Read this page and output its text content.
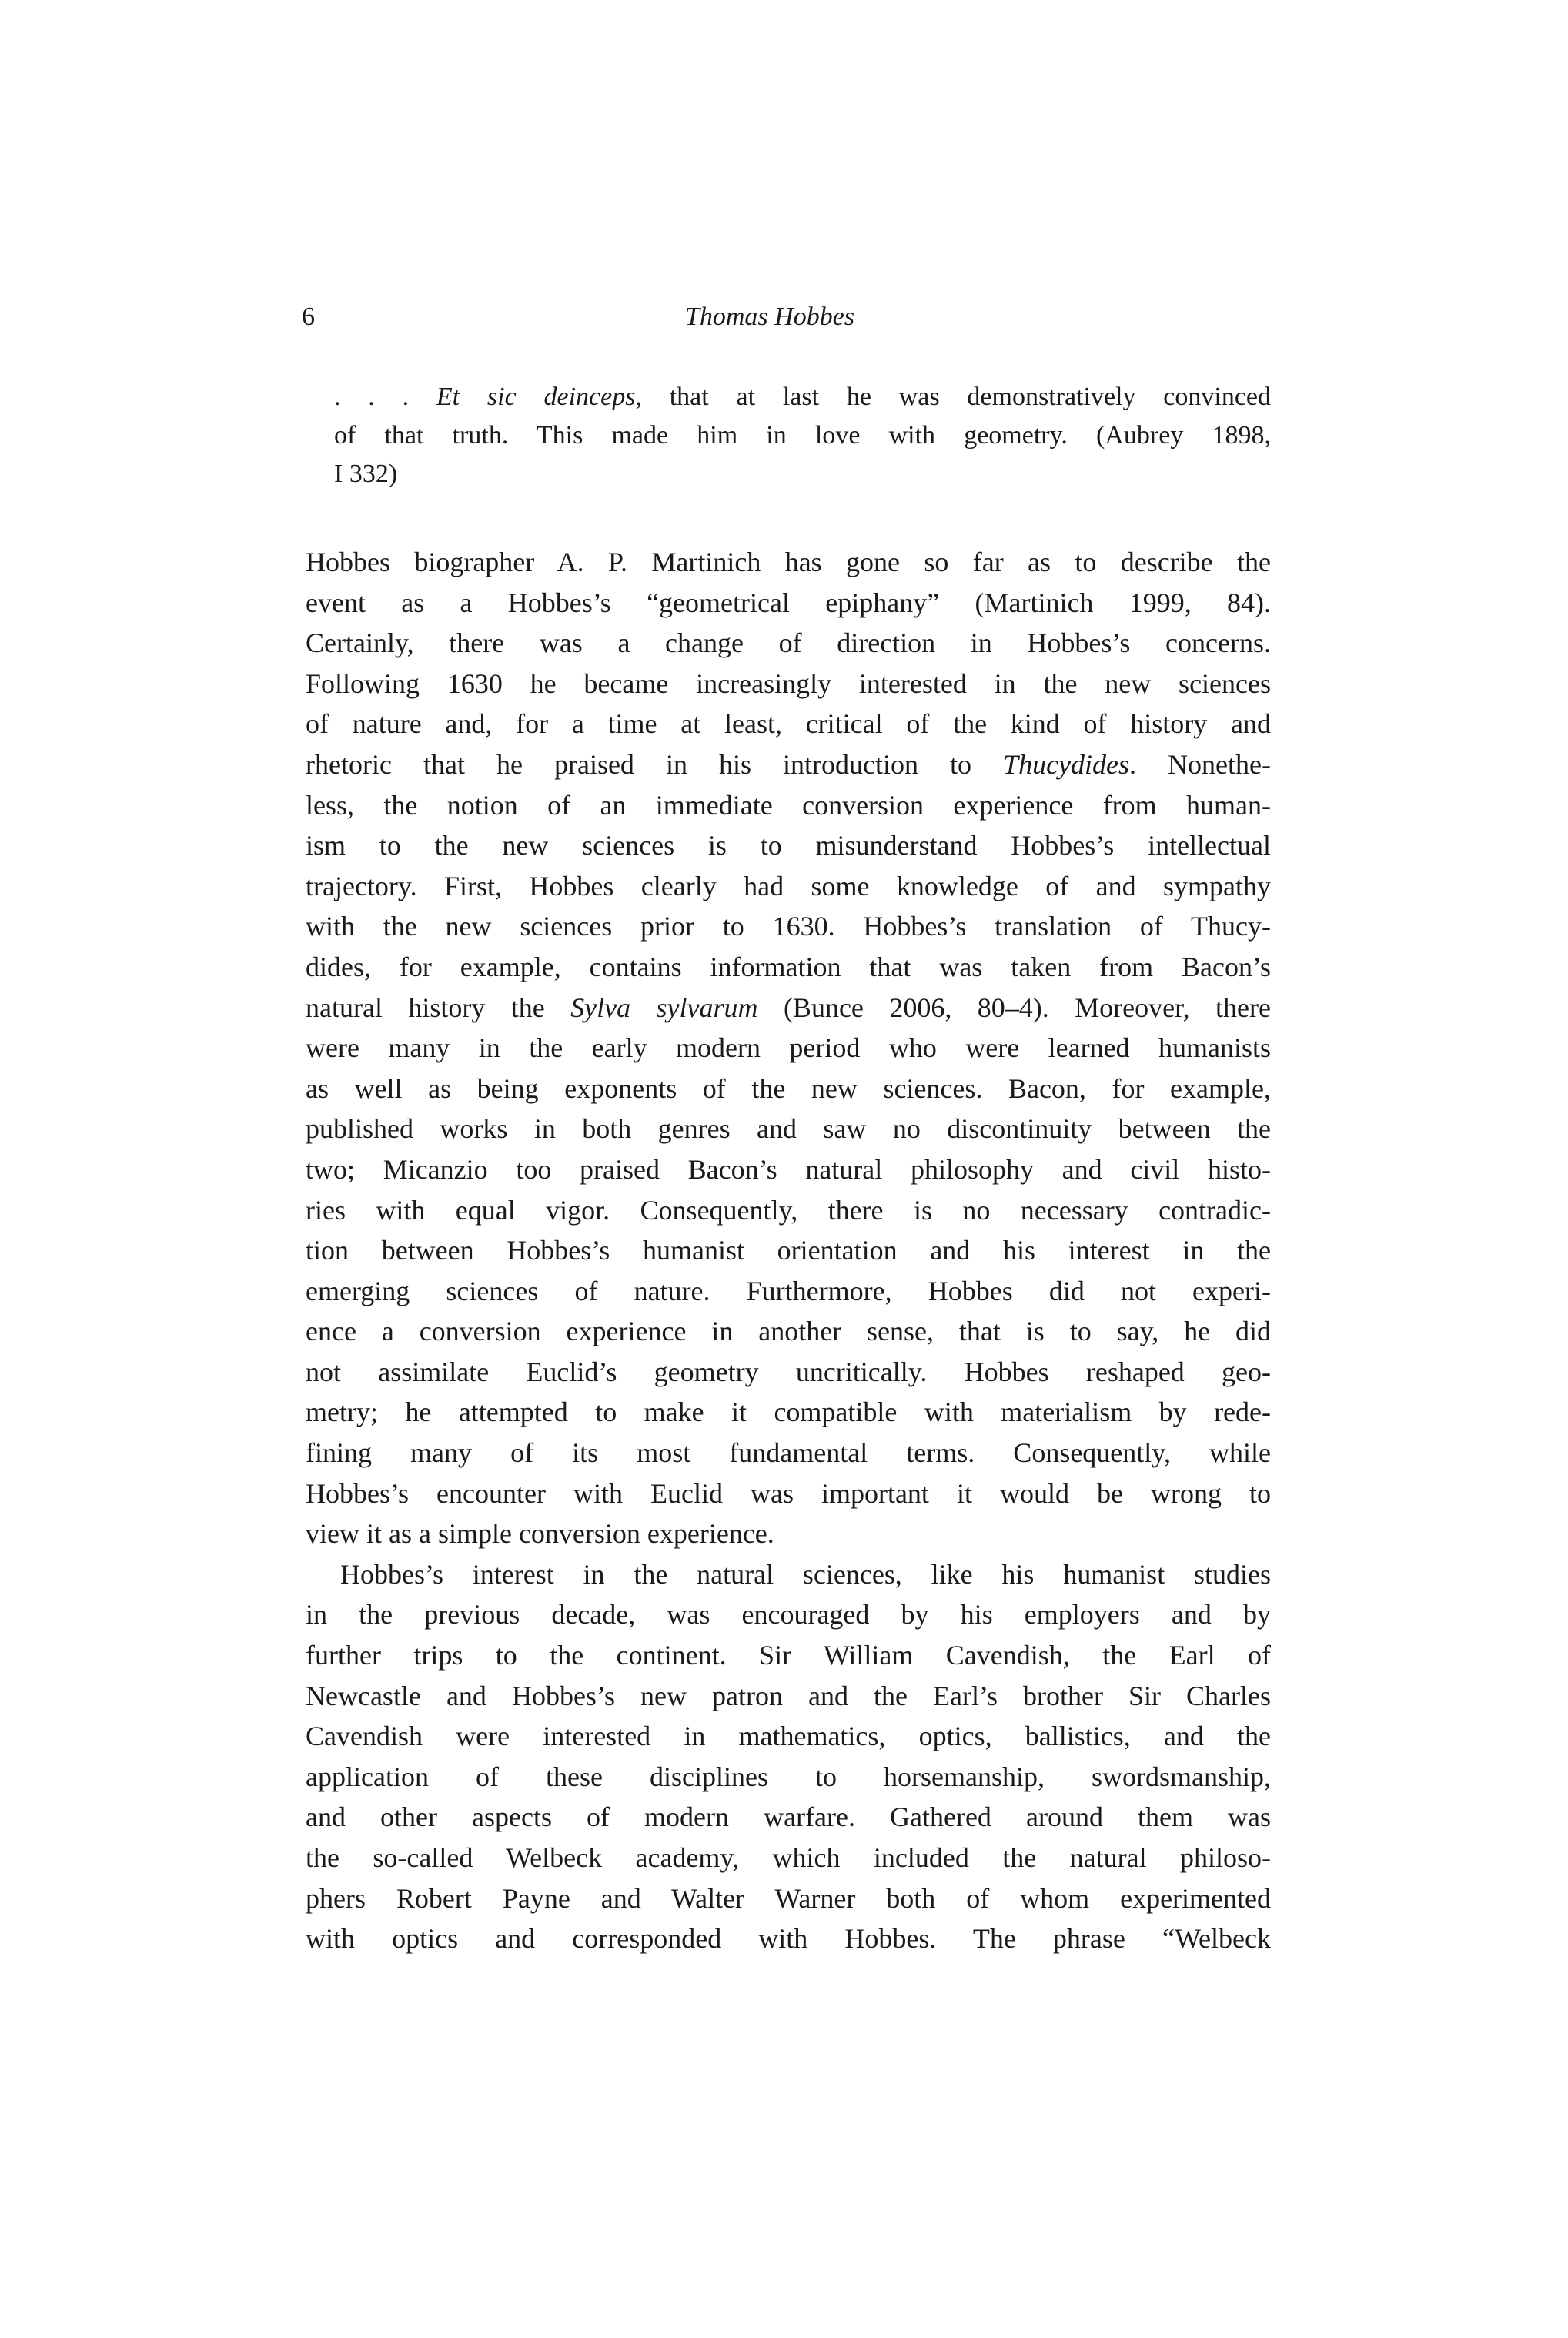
6	Thomas Hobbes
. . . Et sic deinceps, that at last he was demonstratively convinced
of that truth. This made him in love with geometry. (Aubrey 1898,
I 332)
Hobbes biographer A. P. Martinich has gone so far as to describe the
event as a Hobbes’s “geometrical epiphany” (Martinich 1999, 84).
Certainly, there was a change of direction in Hobbes’s concerns.
Following 1630 he became increasingly interested in the new sciences
of nature and, for a time at least, critical of the kind of history and
rhetoric that he praised in his introduction to Thucydides. Nonethe-
less, the notion of an immediate conversion experience from human-
ism to the new sciences is to misunderstand Hobbes’s intellectual
trajectory. First, Hobbes clearly had some knowledge of and sympathy
with the new sciences prior to 1630. Hobbes’s translation of Thucy-
dides, for example, contains information that was taken from Bacon’s
natural history the Sylva sylvarum (Bunce 2006, 80–4). Moreover, there
were many in the early modern period who were learned humanists
as well as being exponents of the new sciences. Bacon, for example,
published works in both genres and saw no discontinuity between the
two; Micanzio too praised Bacon’s natural philosophy and civil histo-
ries with equal vigor. Consequently, there is no necessary contradic-
tion between Hobbes’s humanist orientation and his interest in the
emerging sciences of nature. Furthermore, Hobbes did not experi-
ence a conversion experience in another sense, that is to say, he did
not assimilate Euclid’s geometry uncritically. Hobbes reshaped geo-
metry; he attempted to make it compatible with materialism by rede-
fining many of its most fundamental terms. Consequently, while
Hobbes’s encounter with Euclid was important it would be wrong to
view it as a simple conversion experience.
Hobbes’s interest in the natural sciences, like his humanist studies
in the previous decade, was encouraged by his employers and by
further trips to the continent. Sir William Cavendish, the Earl of
Newcastle and Hobbes’s new patron and the Earl’s brother Sir Charles
Cavendish were interested in mathematics, optics, ballistics, and the
application of these disciplines to horsemanship, swordsmanship,
and other aspects of modern warfare. Gathered around them was
the so-called Welbeck academy, which included the natural philoso-
phers Robert Payne and Walter Warner both of whom experimented
with optics and corresponded with Hobbes. The phrase “Welbeck
